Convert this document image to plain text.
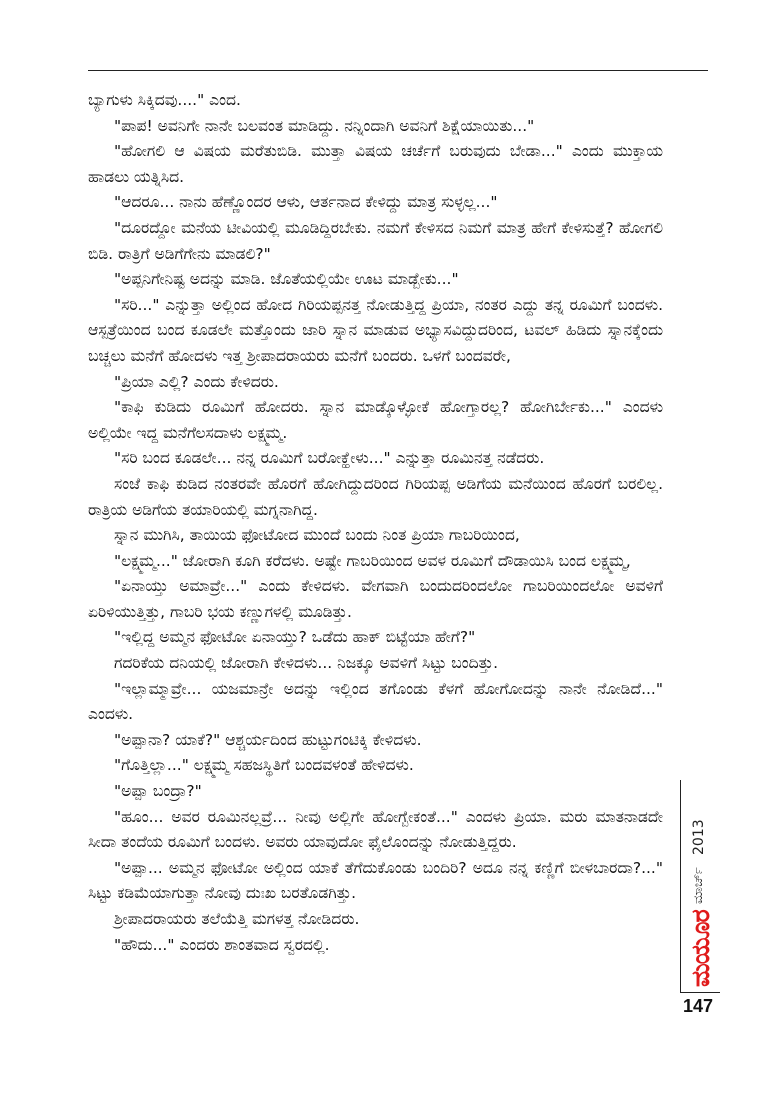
ಬ್ಯಾಗುಳು ಸಿಕ್ಕಿದವು...." ಎಂದ.

"ಪಾಪ! ಅವನಿಗೇ ನಾನೇ ಬಲವಂತ ಮಾಡಿದ್ದು. ನನ್ನಿಂದಾಗಿ ಅವನಿಗೆ ಶಿಕ್ಷೆಯಾಯಿತು..."

"ಹೋಗಲಿ ಆ ವಿಷಯ ಮರೆತುಬಿಡಿ. ಮುತ್ತಾ ವಿಷಯ ಚರ್ಚೆಗೆ ಬರುವುದು ಬೇಡಾ..." ಎಂದು ಮುಕ್ತಾಯ ಹಾಡಲು ಯತ್ನಿಸಿದ.

"ಆದರೂ... ನಾನು ಹೆಣ್ಣೊಂದರ ಆಳು, ಆರ್ತನಾದ ಕೇಳಿದ್ದು ಮಾತ್ರ ಸುಳ್ಳಲ್ಲ..."

"ದೂರದ್ದೋ ಮನೆಯ ಟೀವಿಯಲ್ಲಿ ಮೂಡಿದ್ದಿರಬೇಕು. ನಮಗೆ ಕೇಳಿಸದ ನಿಮಗೆ ಮಾತ್ರ ಹೇಗೆ ಕೇಳಿಸುತ್ತೆ? ಹೋಗಲಿ ಬಿಡಿ. ರಾತ್ರಿಗೆ ಅಡಿಗೆಗೇನು ಮಾಡಲಿ?"

"ಅಪ್ಪನಿಗೇನಿಷ್ಟ ಅದನ್ನು ಮಾಡಿ. ಜೊತೆಯಲ್ಲಿಯೇ ಊಟ ಮಾಡ್ಬೇಕು..."

"ಸರಿ..." ಎನ್ನುತ್ತಾ ಅಲ್ಲಿಂದ ಹೋದ ಗಿರಿಯಪ್ಪನತ್ತ ನೋಡುತ್ತಿದ್ದ ಪ್ರಿಯಾ, ನಂತರ ಎದ್ದು ತನ್ನ ರೂಮಿಗೆ ಬಂದಳು. ಆಸ್ಪತ್ರೆಯಿಂದ ಬಂದ ಕೂಡಲೇ ಮತ್ತೊಂದು ಜಾರಿ ಸ್ನಾನ ಮಾಡುವ ಅಭ್ಯಾಸವಿದ್ದುದರಿಂದ, ಟವಲ್ ಹಿಡಿದು ಸ್ನಾನಕ್ಕೆಂದು ಬಚ್ಚಲು ಮನೆಗೆ ಹೋದಳು ಇತ್ತ ಶ್ರೀಪಾದರಾಯರು ಮನೆಗೆ ಬಂದರು. ಒಳಗೆ ಬಂದವರೇ,

"ಪ್ರಿಯಾ ಎಲ್ಲಿ? ಎಂದು ಕೇಳಿದರು.

"ಕಾಫಿ ಕುಡಿದು ರೂಮಿಗೆ ಹೋದರು. ಸ್ನಾನ ಮಾಡ್ಕೊಳ್ಳೋಕೆ ಹೋಗ್ತಾರಲ್ಲ? ಹೋಗಿರ್ಬೇಕು..." ಎಂದಳು ಅಲ್ಲಿಯೇ ಇದ್ದ ಮನೆಗೆಲಸದಾಳು ಲಕ್ಷ್ಮಮ್ಮ.

"ಸರಿ ಬಂದ ಕೂಡಲೇ... ನನ್ನ ರೂಮಿಗೆ ಬರೋಕ್ಹೇಳು..." ಎನ್ನುತ್ತಾ ರೂಮಿನತ್ತ ನಡೆದರು.

ಸಂಜೆ ಕಾಫಿ ಕುಡಿದ ನಂತರವೇ ಹೊರಗೆ ಹೋಗಿದ್ದುದರಿಂದ ಗಿರಿಯಪ್ಪ ಅಡಿಗೆಯ ಮನೆಯಿಂದ ಹೊರಗೆ ಬರಲಿಲ್ಲ. ರಾತ್ರಿಯ ಅಡಿಗೆಯ ತಯಾರಿಯಲ್ಲಿ ಮಗ್ನನಾಗಿದ್ದ.

ಸ್ನಾನ ಮುಗಿಸಿ, ತಾಯಿಯ ಫೋಟೋದ ಮುಂದೆ ಬಂದು ನಿಂತ ಪ್ರಿಯಾ ಗಾಬರಿಯಿಂದ,

"ಲಕ್ಷ್ಮಮ್ಮ..." ಜೋರಾಗಿ ಕೂಗಿ ಕರೆದಳು. ಅಷ್ಟೇ ಗಾಬರಿಯಿಂದ ಅವಳ ರೂಮಿಗೆ ದೌಡಾಯಿಸಿ ಬಂದ ಲಕ್ಷ್ಮಮ್ಮ,

"ಏನಾಯ್ತು ಅಮಾವ್ರೇ..." ಎಂದು ಕೇಳಿದಳು. ವೇಗವಾಗಿ ಬಂದುದರಿಂದಲೋ ಗಾಬರಿಯಿಂದಲೋ ಅವಳಿಗೆ ಏರಿಳಿಯುತ್ತಿತ್ತು, ಗಾಬರಿ ಭಯ ಕಣ್ಣುಗಳಲ್ಲಿ ಮೂಡಿತ್ತು.

"ಇಲ್ಲಿದ್ದ ಅಮ್ಮನ ಫೋಟೋ ಏನಾಯ್ತು? ಒಡೆದು ಹಾಕ್ ಬಿಟ್ಟೆಯಾ ಹೇಗೆ?"

ಗದರಿಕೆಯ ದನಿಯಲ್ಲಿ ಜೋರಾಗಿ ಕೇಳಿದಳು... ನಿಜಕ್ಕೂ ಅವಳಿಗೆ ಸಿಟ್ಟು ಬಂದಿತ್ತು.

"ಇಲ್ಲಾಮ್ಮಾವ್ರೇ... ಯಜಮಾನ್ರೇ ಅದನ್ನು ಇಲ್ಲಿಂದ ತಗೊಂಡು ಕೆಳಗೆ ಹೋಗೋದನ್ನು ನಾನೇ ನೋಡಿದೆ..." ಎಂದಳು.

"ಅಪ್ಪಾನಾ? ಯಾಕೆ?" ಆಶ್ಚರ್ಯದಿಂದ ಹುಟ್ಟುಗಂಟಿಕ್ಕಿ ಕೇಳಿದಳು.

"ಗೊತ್ತಿಲ್ಲಾ..." ಲಕ್ಷ್ಮಮ್ಮ ಸಹಜಸ್ಥಿತಿಗೆ ಬಂದವಳಂತೆ ಹೇಳಿದಳು.

"ಅಪ್ಪಾ ಬಂದ್ರಾ?"

"ಹೂಂ... ಅವರ ರೂಮಿನಲ್ಲವ್ರೆ... ನೀವು ಅಲ್ಲಿಗೇ ಹೋಗ್ಬೇಕಂತೆ..." ಎಂದಳು ಪ್ರಿಯಾ. ಮರು ಮಾತನಾಡದೇ ಸೀದಾ ತಂದೆಯ ರೂಮಿಗೆ ಬಂದಳು. ಅವರು ಯಾವುದೋ ಫೈಲೊಂದನ್ನು ನೋಡುತ್ತಿದ್ದರು.

"ಅಪ್ಪಾ... ಅಮ್ಮನ ಫೋಟೋ ಅಲ್ಲಿಂದ ಯಾಕೆ ತೆಗೆದುಕೊಂಡು ಬಂದಿರಿ? ಅದೂ ನನ್ನ ಕಣ್ಣಿಗೆ ಬೀಳಬಾರದಾ?..." ಸಿಟ್ಟು ಕಡಿಮೆಯಾಗುತ್ತಾ ನೋವು ದುಃಖ ಬರತೊಡಗಿತ್ತು.

ಶ್ರೀಪಾದರಾಯರು ತಲೆಯೆತ್ತಿ ಮಗಳತ್ತ ನೋಡಿದರು.

"ಹೌದು..." ಎಂದರು ಶಾಂತವಾದ ಸ್ವರದಲ್ಲಿ.

2013
ಮಾರ್ಚ್
ಮಯೂರ
147
